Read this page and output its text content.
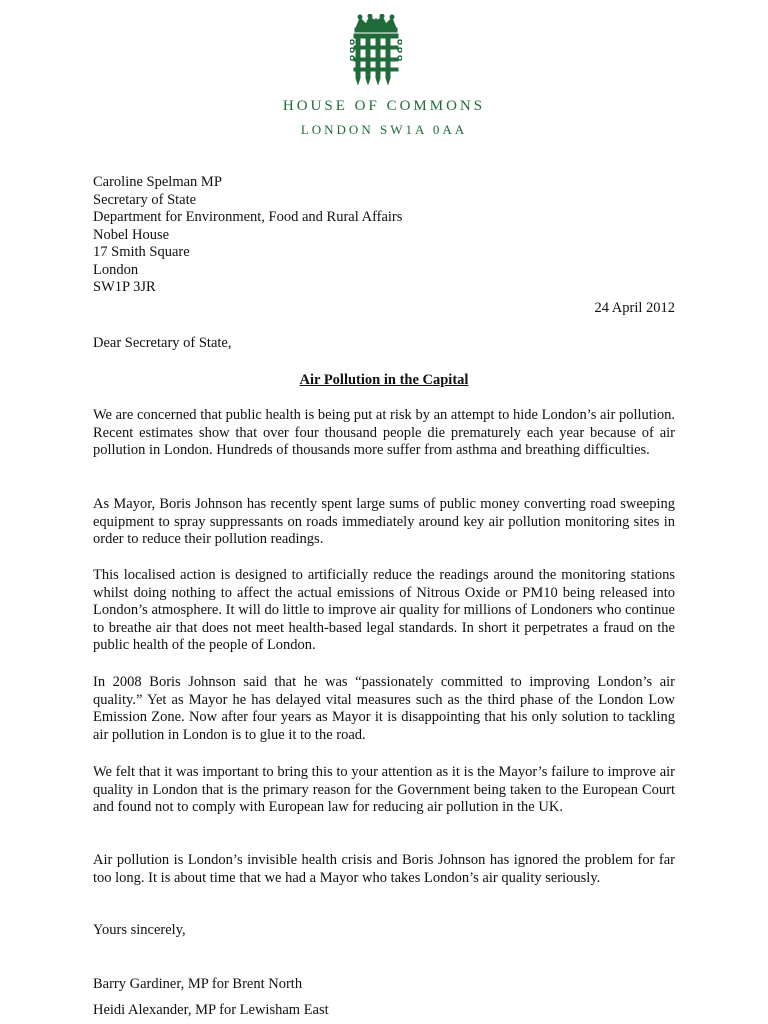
HOUSE OF COMMONS
LONDON SW1A 0AA
Caroline Spelman MP
Secretary of State
Department for Environment, Food and Rural Affairs
Nobel House
17 Smith Square
London
SW1P 3JR
24 April 2012
Dear Secretary of State,
Air Pollution in the Capital

We are concerned that public health is being put at risk by an attempt to hide London’s air pollution. Recent estimates show that over four thousand people die prematurely each year because of air pollution in London. Hundreds of thousands more suffer from asthma and breathing difficulties.

As Mayor, Boris Johnson has recently spent large sums of public money converting road sweeping equipment to spray suppressants on roads immediately around key air pollution monitoring sites in order to reduce their pollution readings.

This localised action is designed to artificially reduce the readings around the monitoring stations whilst doing nothing to affect the actual emissions of Nitrous Oxide or PM10 being released into London’s atmosphere. It will do little to improve air quality for millions of Londoners who continue to breathe air that does not meet health-based legal standards. In short it perpetrates a fraud on the public health of the people of London.

In 2008 Boris Johnson said that he was “passionately committed to improving London’s air quality.” Yet as Mayor he has delayed vital measures such as the third phase of the London Low Emission Zone. Now after four years as Mayor it is disappointing that his only solution to tackling air pollution in London is to glue it to the road.

We felt that it was important to bring this to your attention as it is the Mayor’s failure to improve air quality in London that is the primary reason for the Government being taken to the European Court and found not to comply with European law for reducing air pollution in the UK.

Air pollution is London’s invisible health crisis and Boris Johnson has ignored the problem for far too long. It is about time that we had a Mayor who takes London’s air quality seriously.

Yours sincerely,
Barry Gardiner, MP for Brent North
Heidi Alexander, MP for Lewisham East
